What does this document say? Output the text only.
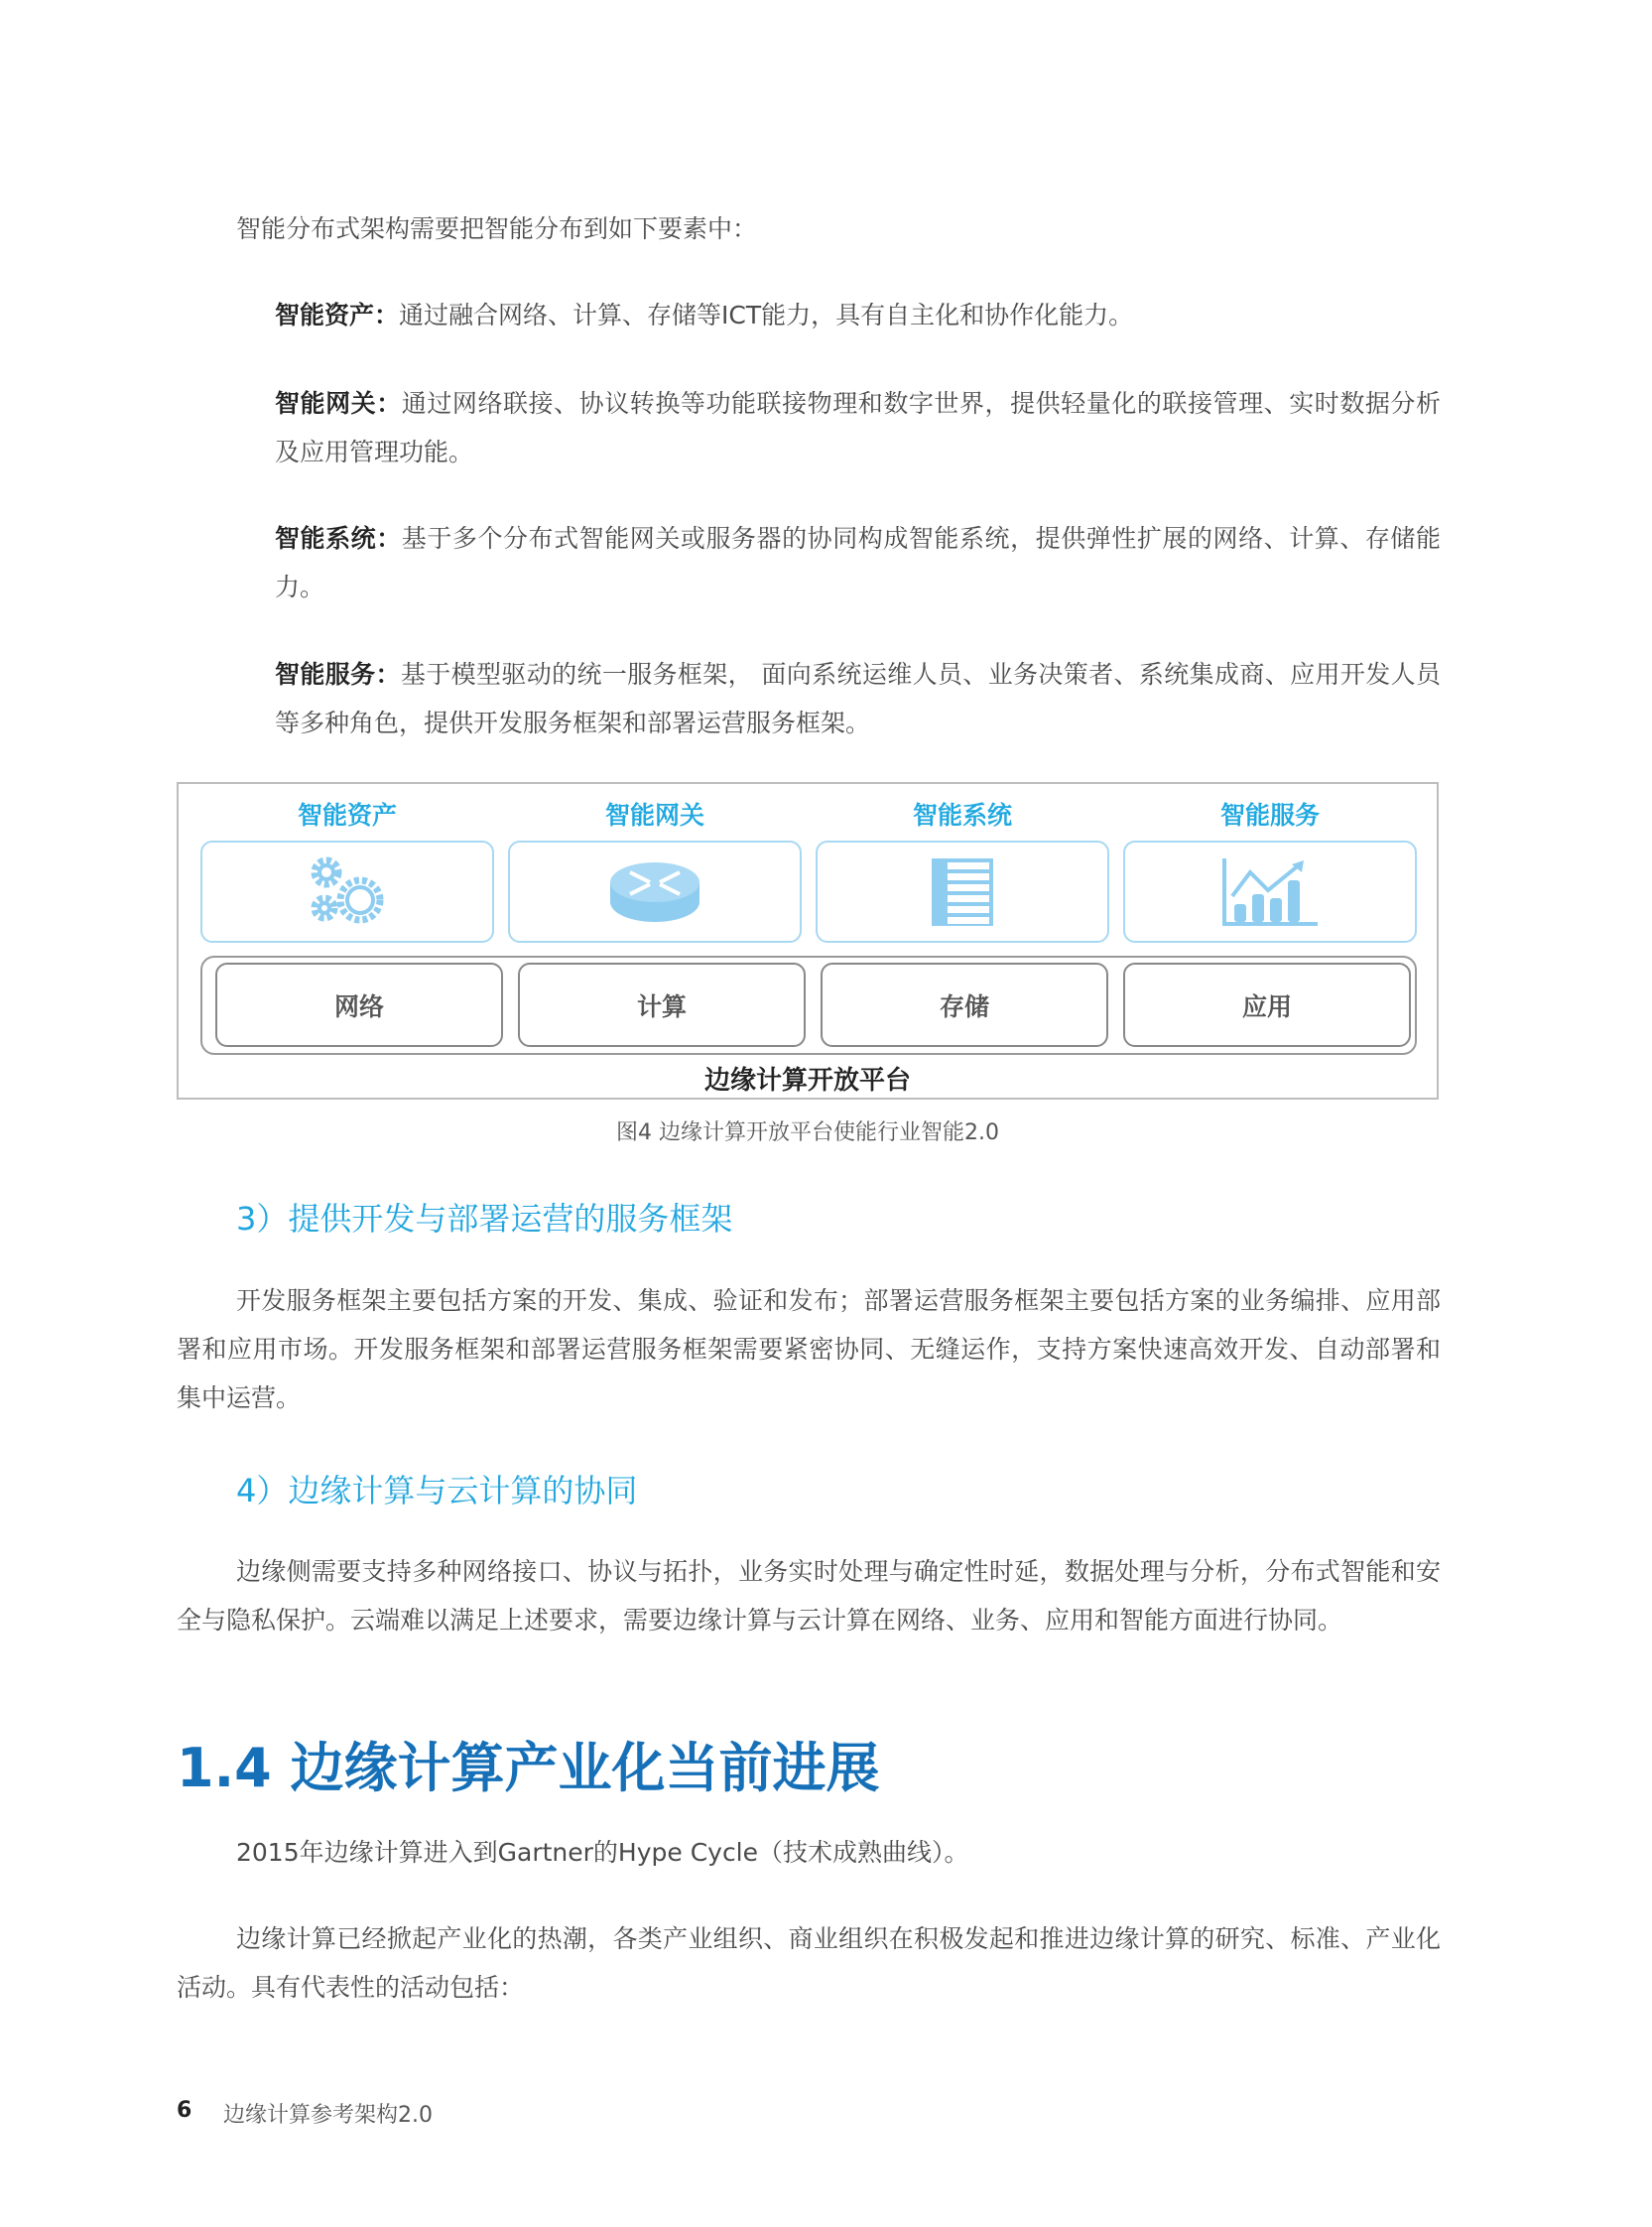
智能分布式架构需要把智能分布到如下要素中：
智能资产：通过融合网络、计算、存储等ICT能力，具有自主化和协作化能力。
智能网关：通过网络联接、协议转换等功能联接物理和数字世界，提供轻量化的联接管理、实时数据分析及应用管理功能。
智能系统：基于多个分布式智能网关或服务器的协同构成智能系统，提供弹性扩展的网络、计算、存储能力。
智能服务：基于模型驱动的统一服务框架， 面向系统运维人员、业务决策者、系统集成商、应用开发人员等多种角色，提供开发服务框架和部署运营服务框架。
智能资产	智能网关	智能系统	智能服务
网络	计算	存储	应用
边缘计算开放平台
图4 边缘计算开放平台使能行业智能2.0
3）提供开发与部署运营的服务框架
开发服务框架主要包括方案的开发、集成、验证和发布；部署运营服务框架主要包括方案的业务编排、应用部署和应用市场。开发服务框架和部署运营服务框架需要紧密协同、无缝运作，支持方案快速高效开发、自动部署和集中运营。
4）边缘计算与云计算的协同
边缘侧需要支持多种网络接口、协议与拓扑，业务实时处理与确定性时延，数据处理与分析，分布式智能和安全与隐私保护。云端难以满足上述要求，需要边缘计算与云计算在网络、业务、应用和智能方面进行协同。
1.4 边缘计算产业化当前进展
2015年边缘计算进入到Gartner的Hype Cycle（技术成熟曲线）。
边缘计算已经掀起产业化的热潮，各类产业组织、商业组织在积极发起和推进边缘计算的研究、标准、产业化活动。具有代表性的活动包括：
6 边缘计算参考架构2.0
